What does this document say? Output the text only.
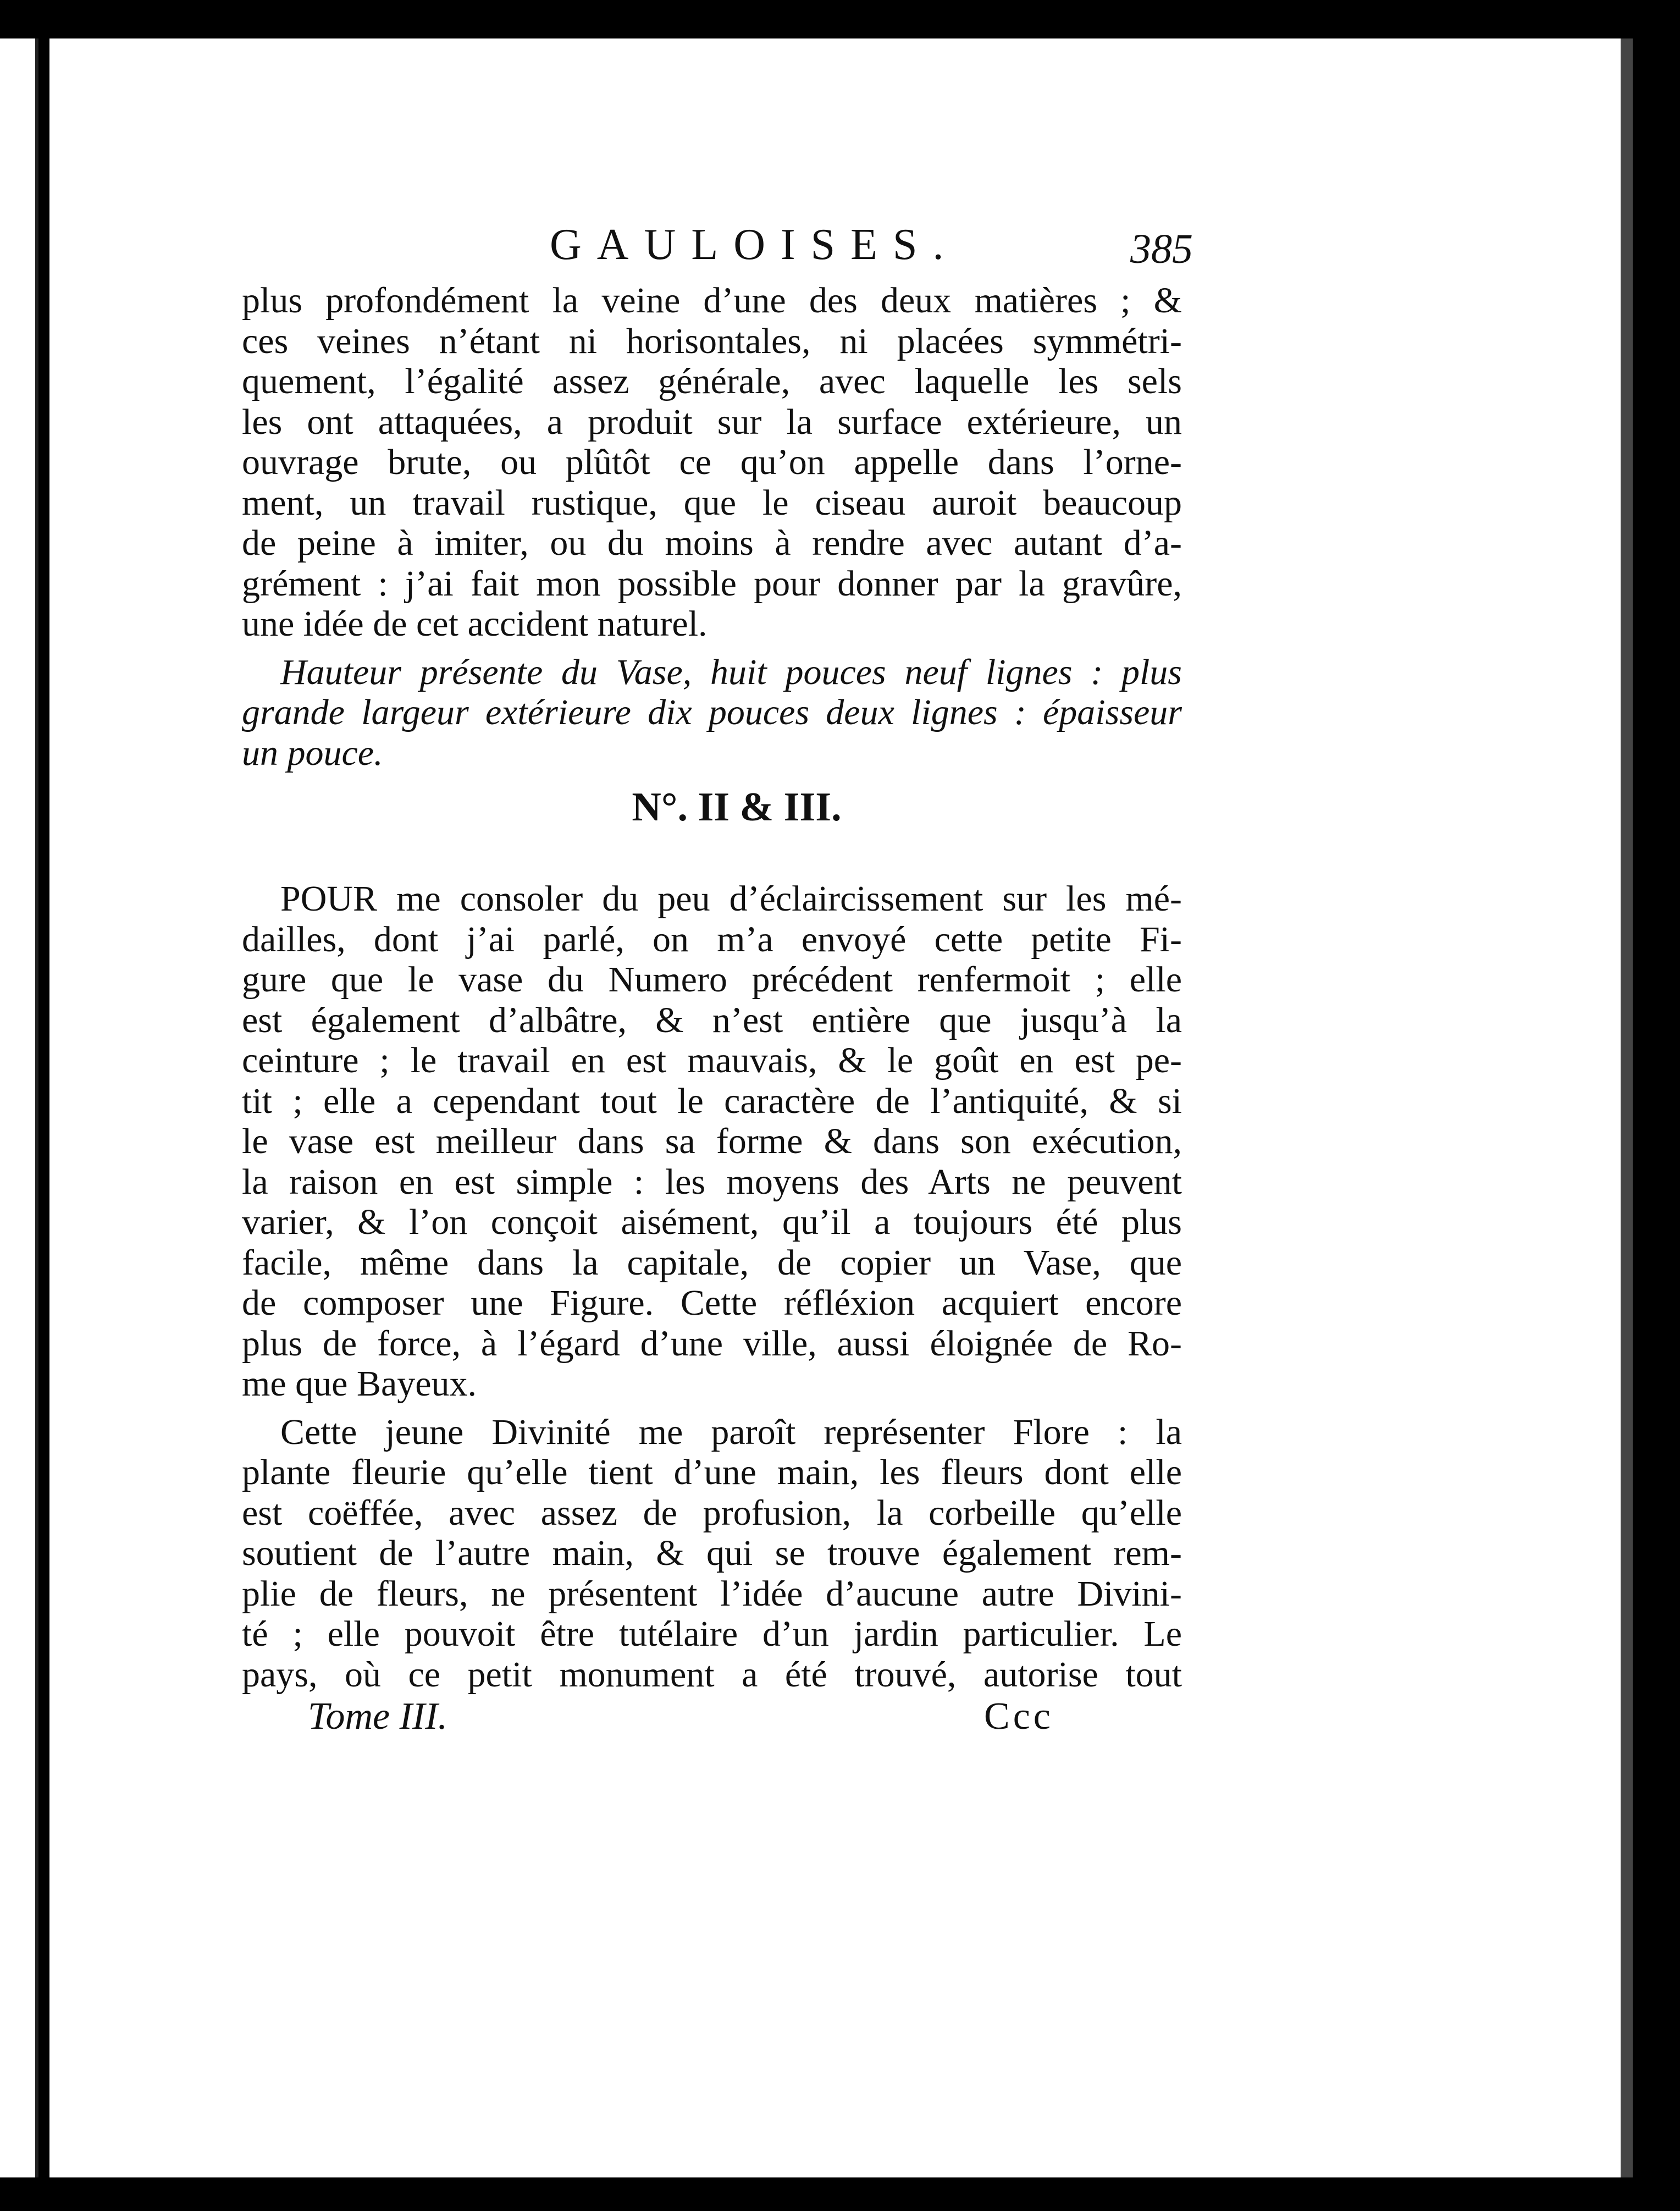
GAULOISES.	385

plus profondément la veine d’une des deux matières ; &
ces veines n’étant ni horisontales, ni placées symmétri-
quement, l’égalité assez générale, avec laquelle les sels
les ont attaquées, a produit sur la surface extérieure, un
ouvrage brute, ou plûtôt ce qu’on appelle dans l’orne-
ment, un travail rustique, que le ciseau auroit beaucoup
de peine à imiter, ou du moins à rendre avec autant d’a-
grément : j’ai fait mon possible pour donner par la gravûre,
une idée de cet accident naturel.

Hauteur présente du Vase, huit pouces neuf lignes : plus

grande largeur extérieure dix pouces deux lignes : épaisseur
un pouce.

N°. II & III.

POUR me consoler du peu d’éclaircissement sur les mé-

dailles, dont j’ai parlé, on m’a envoyé cette petite Fi-
gure que le vase du Numero précédent renfermoit ; elle
est également d’albâtre, & n’est entière que jusqu’à la
ceinture ; le travail en est mauvais, & le goût en est pe-
tit ; elle a cependant tout le caractère de l’antiquité, & si
le vase est meilleur dans sa forme & dans son exécution,
la raison en est simple : les moyens des Arts ne peuvent
varier, & l’on conçoit aisément, qu’il a toujours été plus
facile, même dans la capitale, de copier un Vase, que
de composer une Figure. Cette réfléxion acquiert encore
plus de force, à l’égard d’une ville, aussi éloignée de Ro-
me que Bayeux.

Cette jeune Divinité me paroît représenter Flore : la

plante fleurie qu’elle tient d’une main, les fleurs dont elle
est coëffée, avec assez de profusion, la corbeille qu’elle
soutient de l’autre main, & qui se trouve également rem-
plie de fleurs, ne présentent l’idée d’aucune autre Divini-
té ; elle pouvoit être tutélaire d’un jardin particulier. Le
pays, où ce petit monument a été trouvé, autorise tout

Tome III.	Ccc
